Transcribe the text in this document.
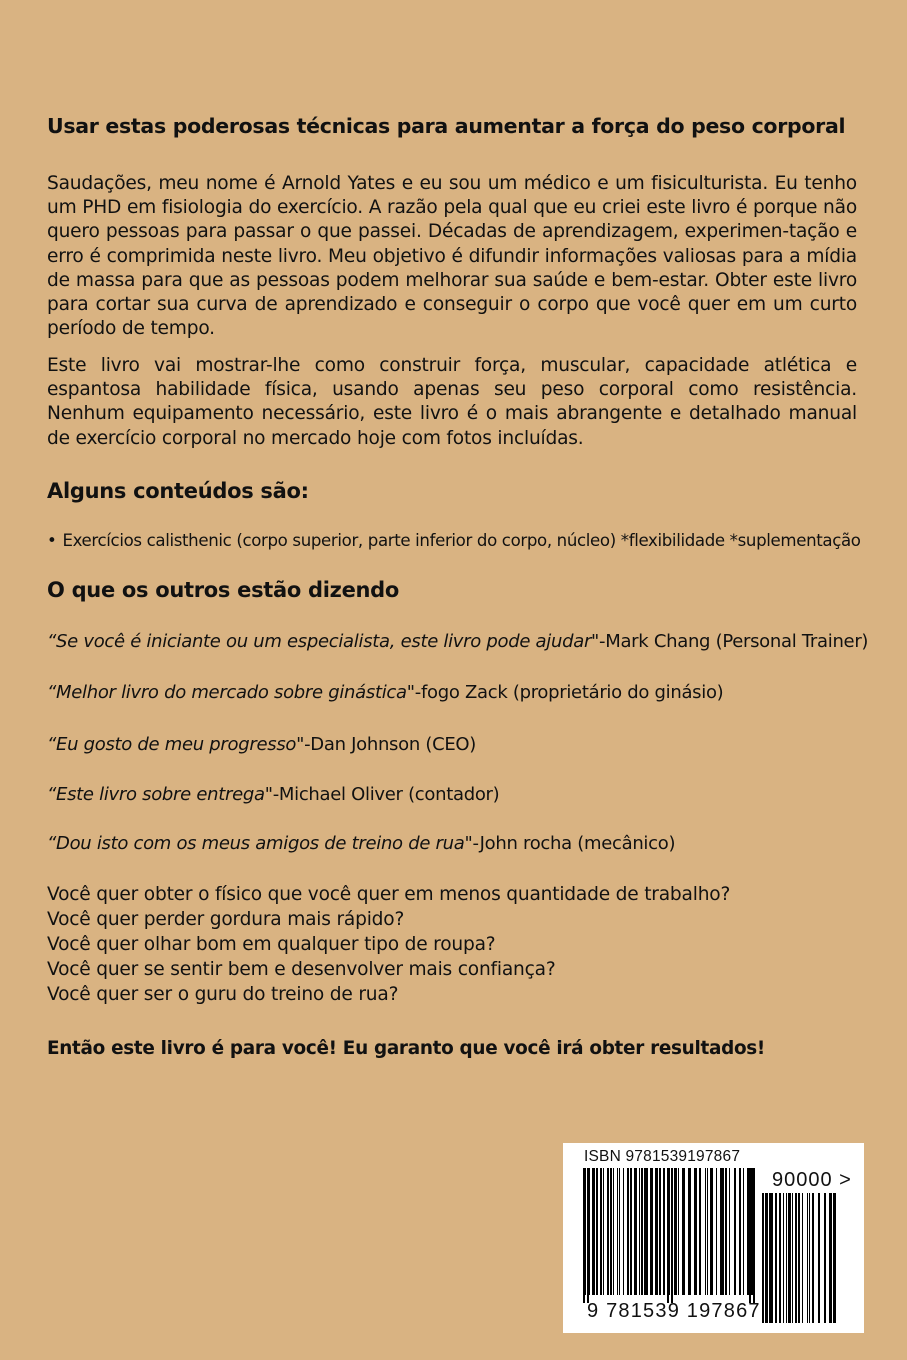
Usar estas poderosas técnicas para aumentar a força do peso corporal
Saudações, meu nome é Arnold Yates e eu sou um médico e um fisiculturista. Eu tenho um PHD em fisiologia do exercício. A razão pela qual que eu criei este livro é porque não quero pessoas para passar o que passei. Décadas de aprendizagem, experimen-tação e erro é comprimida neste livro. Meu objetivo é difundir informações valiosas para a mídia de massa para que as pessoas podem melhorar sua saúde e bem-estar. Obter este livro para cortar sua curva de aprendizado e conseguir o corpo que você quer em um curto período de tempo.
Este livro vai mostrar-lhe como construir força, muscular, capacidade atlética e espantosa habilidade física, usando apenas seu peso corporal como resistência. Nenhum equipamento necessário, este livro é o mais abrangente e detalhado manual de exercício corporal no mercado hoje com fotos incluídas.
Alguns conteúdos são:
• Exercícios calisthenic (corpo superior, parte inferior do corpo, núcleo) *flexibilidade *suplementação
O que os outros estão dizendo
“Se você é iniciante ou um especialista, este livro pode ajudar"-Mark Chang (Personal Trainer)
“Melhor livro do mercado sobre ginástica"-fogo Zack (proprietário do ginásio)
“Eu gosto de meu progresso"-Dan Johnson (CEO)
“Este livro sobre entrega"-Michael Oliver (contador)
“Dou isto com os meus amigos de treino de rua"-John rocha (mecânico)
Você quer obter o físico que você quer em menos quantidade de trabalho?
Você quer perder gordura mais rápido?
Você quer olhar bom em qualquer tipo de roupa?
Você quer se sentir bem e desenvolver mais confiança?
Você quer ser o guru do treino de rua?
Então este livro é para você! Eu garanto que você irá obter resultados!
ISBN 9781539197867
9 781539 197867
90000 >
